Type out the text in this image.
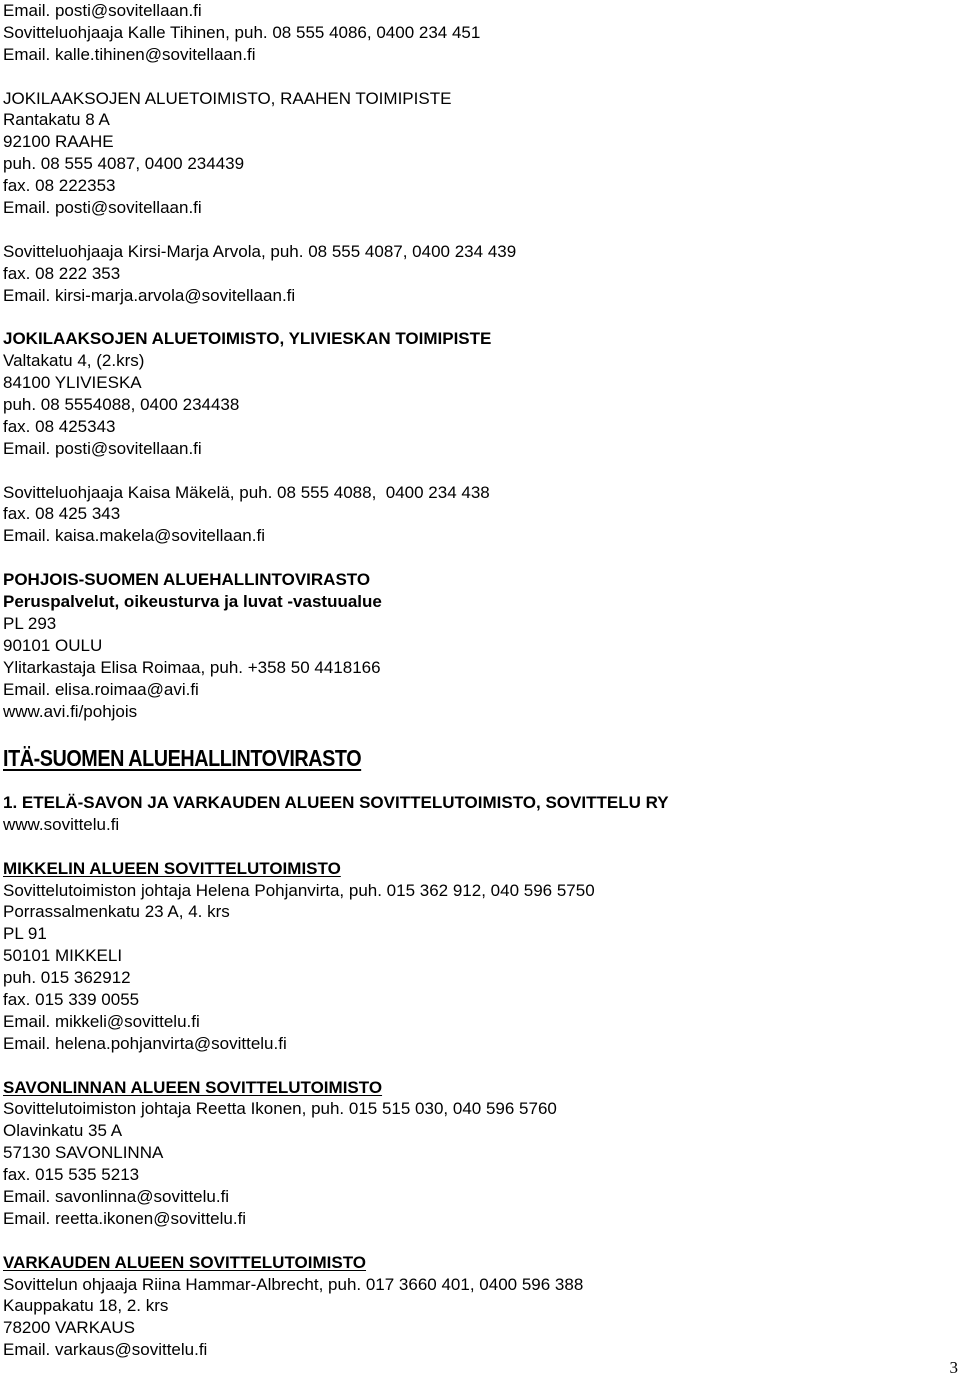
Email. posti@sovitellaan.fi

Sovitteluohjaaja Kalle Tihinen, puh. 08 555 4086, 0400 234 451

Email. kalle.tihinen@sovitellaan.fi

JOKILAAKSOJEN ALUETOIMISTO, RAAHEN TOIMIPISTE

Rantakatu 8 A

92100 RAAHE

puh. 08 555 4087, 0400 234439

fax. 08 222353

Email. posti@sovitellaan.fi

Sovitteluohjaaja Kirsi-Marja Arvola, puh. 08 555 4087, 0400 234 439

fax. 08 222 353

Email. kirsi-marja.arvola@sovitellaan.fi

JOKILAAKSOJEN ALUETOIMISTO, YLIVIESKAN TOIMIPISTE

Valtakatu 4, (2.krs)

84100 YLIVIESKA

puh. 08 5554088, 0400 234438

fax. 08 425343

Email. posti@sovitellaan.fi

Sovitteluohjaaja Kaisa Mäkelä, puh. 08 555 4088,  0400 234 438

fax. 08 425 343

Email. kaisa.makela@sovitellaan.fi

POHJOIS-SUOMEN ALUEHALLINTOVIRASTO

Peruspalvelut, oikeusturva ja luvat -vastuualue

PL 293

90101 OULU

Ylitarkastaja Elisa Roimaa, puh. +358 50 4418166

Email. elisa.roimaa@avi.fi

www.avi.fi/pohjois

ITÄ-SUOMEN ALUEHALLINTOVIRASTO

1. ETELÄ-SAVON JA VARKAUDEN ALUEEN SOVITTELUTOIMISTO, SOVITTELU RY

www.sovittelu.fi

MIKKELIN ALUEEN SOVITTELUTOIMISTO

Sovittelutoimiston johtaja Helena Pohjanvirta, puh. 015 362 912, 040 596 5750

Porrassalmenkatu 23 A, 4. krs

PL 91

50101 MIKKELI

puh. 015 362912

fax. 015 339 0055

Email. mikkeli@sovittelu.fi

Email. helena.pohjanvirta@sovittelu.fi

SAVONLINNAN ALUEEN SOVITTELUTOIMISTO

Sovittelutoimiston johtaja Reetta Ikonen, puh. 015 515 030, 040 596 5760

Olavinkatu 35 A

57130 SAVONLINNA

fax. 015 535 5213

Email. savonlinna@sovittelu.fi

Email. reetta.ikonen@sovittelu.fi

VARKAUDEN ALUEEN SOVITTELUTOIMISTO

Sovittelun ohjaaja Riina Hammar-Albrecht, puh. 017 3660 401, 0400 596 388

Kauppakatu 18, 2. krs

78200 VARKAUS

Email. varkaus@sovittelu.fi

3
